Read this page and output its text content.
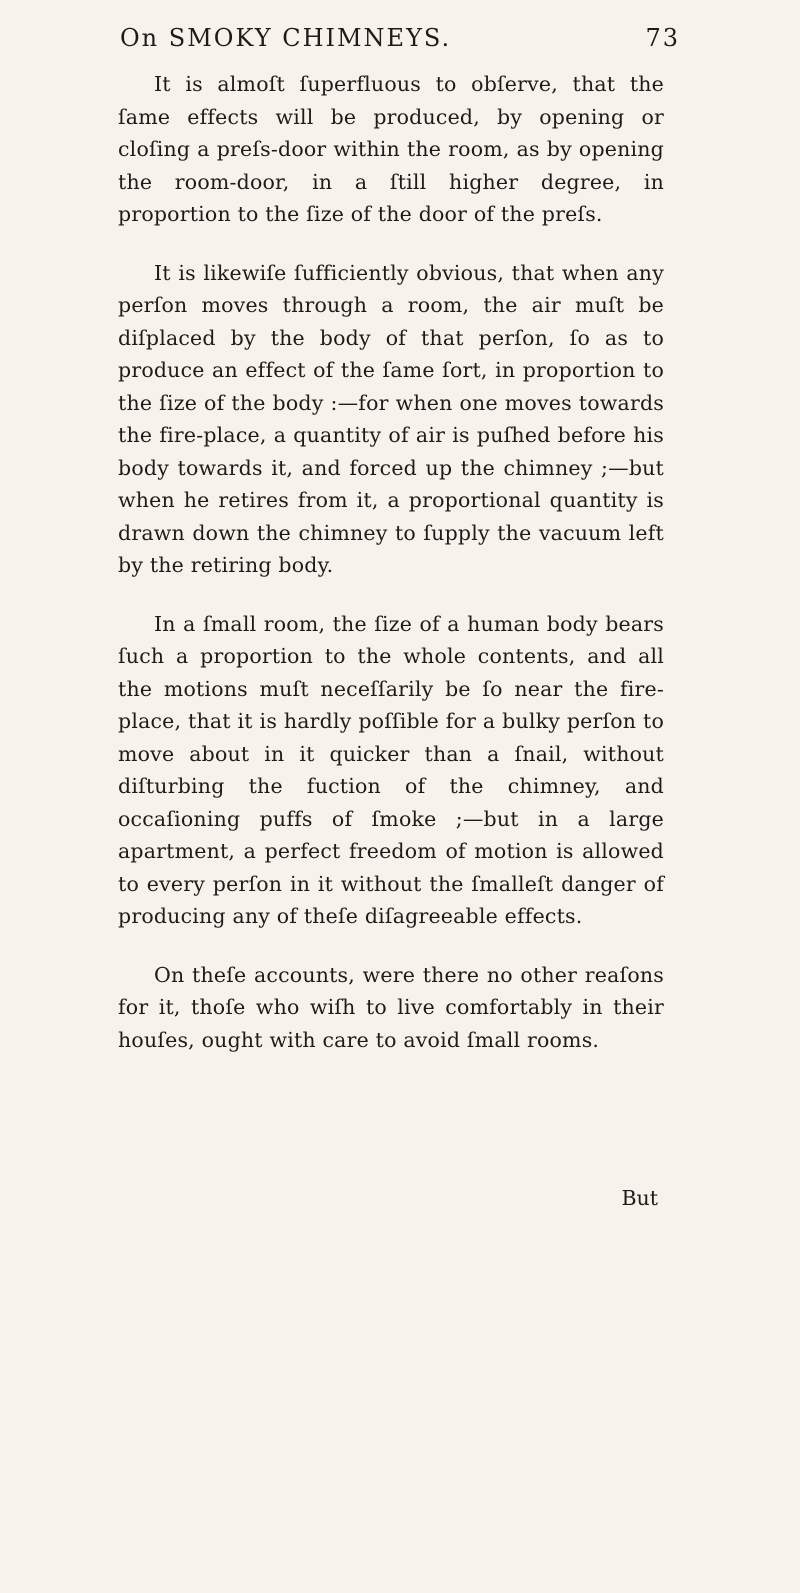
On SMOKY CHIMNEYS.	73

It is almoſt ſuperfluous to obſerve, that the ſame effects will be produced, by opening or cloſing a preſs-door within the room, as by opening the room-door, in a ſtill higher degree, in proportion to the ſize of the door of the preſs.

It is likewiſe ſufficiently obvious, that when any perſon moves through a room, the air muſt be diſplaced by the body of that perſon, ſo as to produce an effect of the ſame ſort, in proportion to the ſize of the body :—for when one moves towards the fire-place, a quantity of air is puſhed before his body towards it, and forced up the chimney ;—but when he retires from it, a proportional quantity is drawn down the chimney to ſupply the vacuum left by the retiring body.

In a ſmall room, the ſize of a human body bears ſuch a proportion to the whole contents, and all the motions muſt neceſſarily be ſo near the fire-place, that it is hardly poſſible for a bulky perſon to move about in it quicker than a ſnail, without diſturbing the fuction of the chimney, and occaſioning puffs of ſmoke ;—but in a large apartment, a perfect freedom of motion is allowed to every perſon in it without the ſmalleſt danger of producing any of theſe diſagreeable effects.

On theſe accounts, were there no other reaſons for it, thoſe who wiſh to live comfortably in their houſes, ought with care to avoid ſmall rooms.

But
